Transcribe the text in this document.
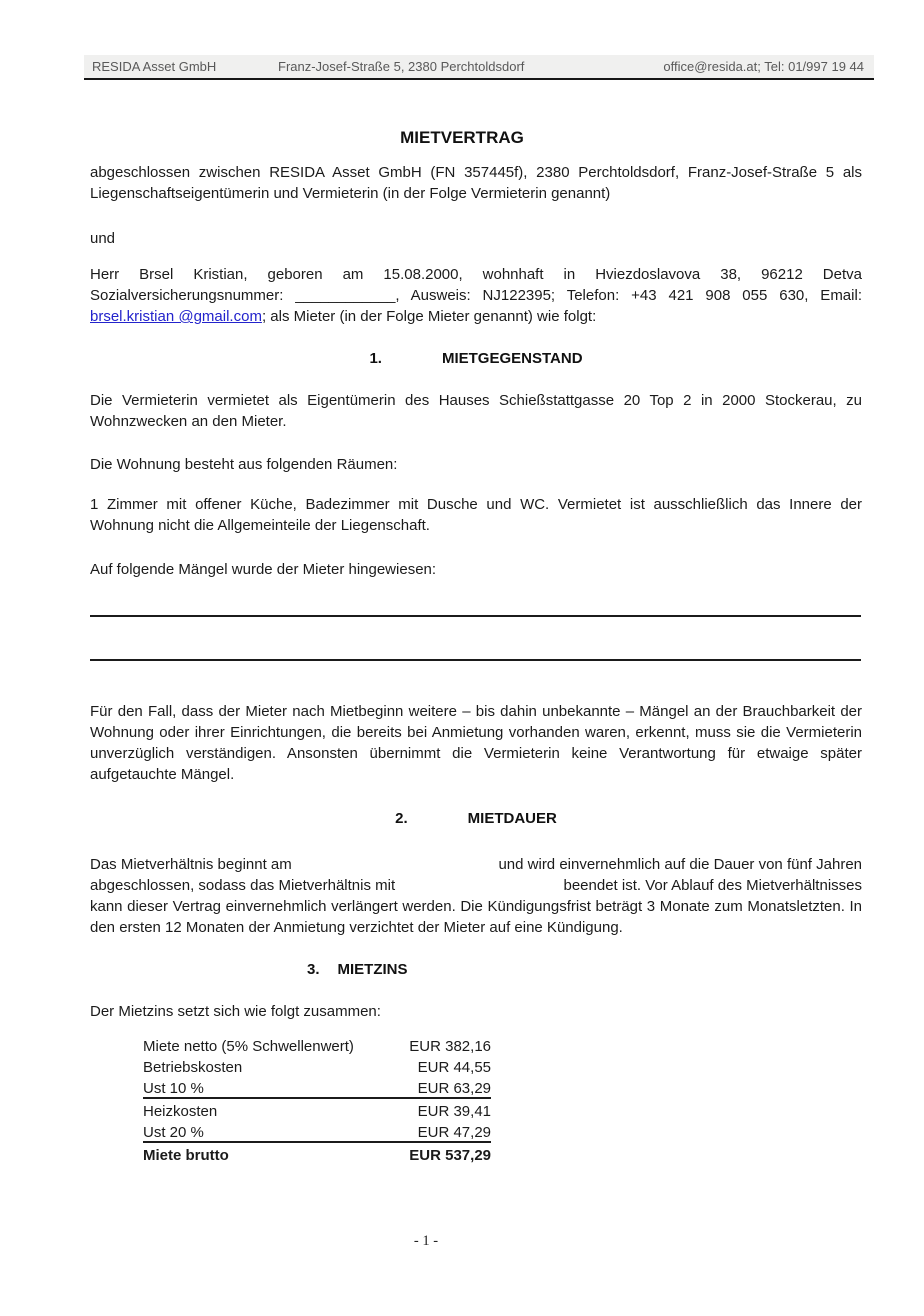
RESIDA Asset GmbH	Franz-Josef-Straße 5, 2380 Perchtoldsdorf	office@resida.at; Tel: 01/997 19 44
MIETVERTRAG
abgeschlossen zwischen RESIDA Asset GmbH (FN 357445f), 2380 Perchtoldsdorf, Franz-Josef-Straße 5 als Liegenschaftseigentümerin und Vermieterin (in der Folge Vermieterin genannt)
und
Herr Brsel Kristian, geboren am 15.08.2000, wohnhaft in Hviezdoslavova 38, 96212 Detva Sozialversicherungsnummer: ____________, Ausweis: NJ122395; Telefon: +43 421 908 055 630, Email: brsel.kristian @gmail.com; als Mieter (in der Folge Mieter genannt) wie folgt:
1.	MIETGEGENSTAND
Die Vermieterin vermietet als Eigentümerin des Hauses Schießstattgasse 20 Top 2 in 2000 Stockerau, zu Wohnzwecken an den Mieter.
Die Wohnung besteht aus folgenden Räumen:
1 Zimmer mit offener Küche, Badezimmer mit Dusche und WC. Vermietet ist ausschließlich das Innere der Wohnung nicht die Allgemeinteile der Liegenschaft.
Auf folgende Mängel wurde der Mieter hingewiesen:
Für den Fall, dass der Mieter nach Mietbeginn weitere – bis dahin unbekannte – Mängel an der Brauchbarkeit der Wohnung oder ihrer Einrichtungen, die bereits bei Anmietung vorhanden waren, erkennt, muss sie die Vermieterin unverzüglich verständigen. Ansonsten übernimmt die Vermieterin keine Verantwortung für etwaige später aufgetauchte Mängel.
2.	MIETDAUER
Das Mietverhältnis beginnt am	und wird einvernehmlich auf die Dauer von fünf Jahren
abgeschlossen, sodass das Mietverhältnis mit	beendet ist. Vor Ablauf des Mietverhältnisses
kann dieser Vertrag einvernehmlich verlängert werden. Die Kündigungsfrist beträgt 3 Monate zum Monatsletzten. In den ersten 12 Monaten der Anmietung verzichtet der Mieter auf eine Kündigung.
3. MIETZINS
Der Mietzins setzt sich wie folgt zusammen:
Miete netto (5% Schwellenwert)	EUR 382,16
Betriebskosten	EUR 44,55
Ust 10 %	EUR 63,29
Heizkosten	EUR 39,41
Ust 20 %	EUR 47,29
Miete brutto	EUR 537,29
- 1 -
